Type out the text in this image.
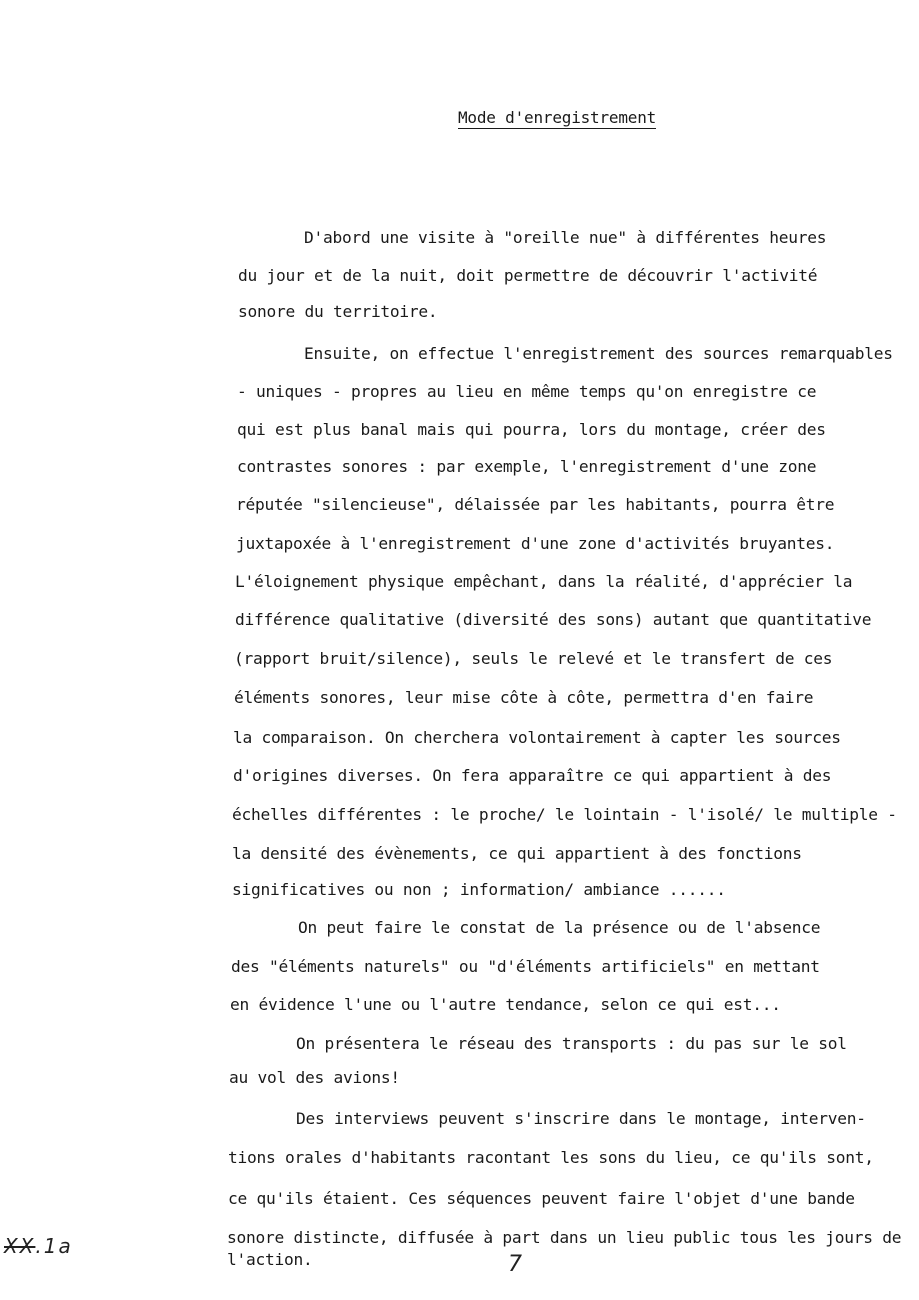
Mode d'enregistrement
D'abord une visite à "oreille nue" à différentes heures
du jour et de la nuit, doit permettre de découvrir l'activité
sonore du territoire.
Ensuite, on effectue l'enregistrement des sources remarquables
- uniques - propres au lieu en même temps qu'on enregistre ce
qui est plus banal mais qui pourra, lors du montage, créer des
contrastes sonores : par exemple, l'enregistrement d'une zone
réputée "silencieuse", délaissée par les habitants, pourra être
juxtapoxée à l'enregistrement d'une zone d'activités bruyantes.
L'éloignement physique empêchant, dans la réalité, d'apprécier la
différence qualitative (diversité des sons) autant que quantitative
(rapport bruit/silence), seuls le relevé et le transfert de ces
éléments sonores, leur mise côte à côte, permettra d'en faire
la comparaison. On cherchera volontairement à capter les sources
d'origines diverses. On fera apparaître ce qui appartient à des
échelles différentes : le proche/ le lointain - l'isolé/ le multiple -
la densité des évènements, ce qui appartient à des fonctions
significatives ou non ; information/ ambiance ......
On peut faire le constat de la présence ou de l'absence
des "éléments naturels" ou "d'éléments artificiels" en mettant
en évidence l'une ou l'autre tendance, selon ce qui est...
On présentera le réseau des transports : du pas sur le sol
au vol des avions!
Des interviews peuvent s'inscrire dans le montage, interven-
tions orales d'habitants racontant les sons du lieu, ce qu'ils sont,
ce qu'ils étaient. Ces séquences peuvent faire l'objet d'une bande
sonore distincte, diffusée à part dans un lieu public tous les jours de
l'action.
XX.1a
7
